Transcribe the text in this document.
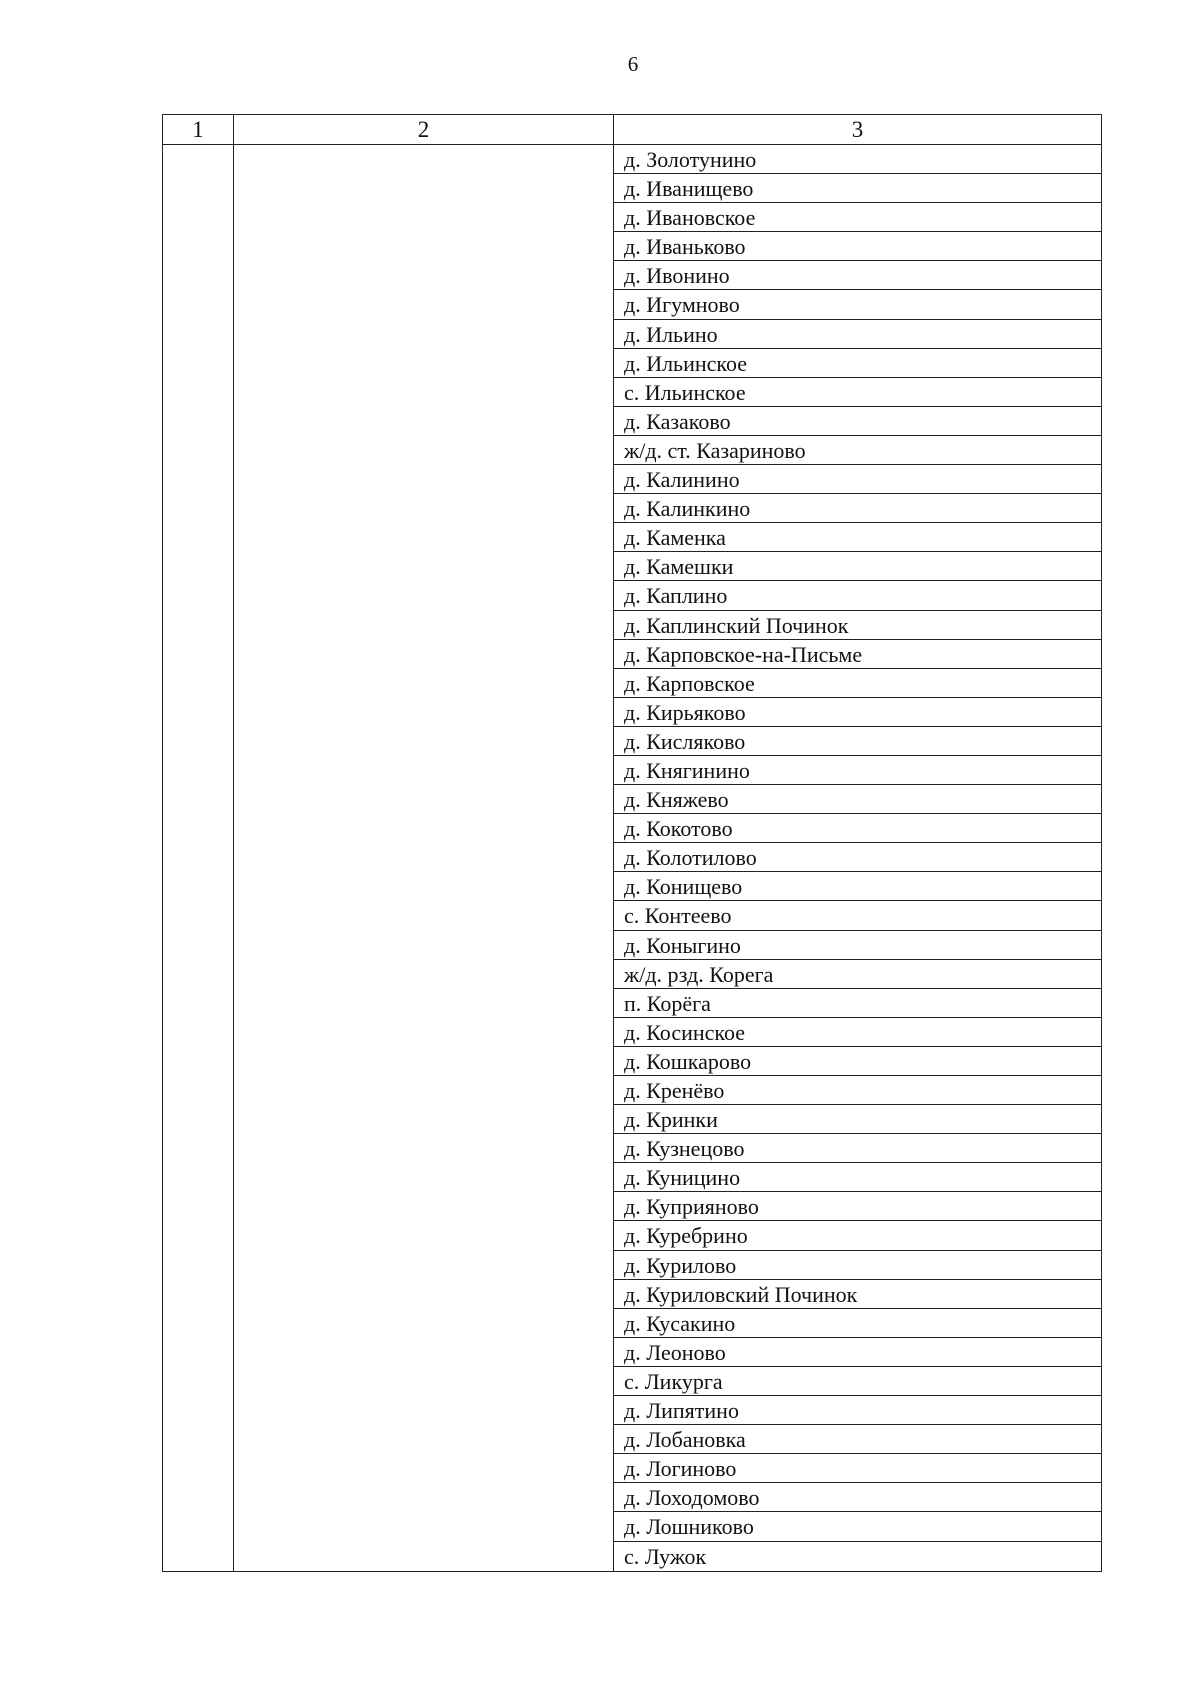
6
1	2	3
д. Золотунино
д. Иванищево
д. Ивановское
д. Иваньково
д. Ивонино
д. Игумново
д. Ильино
д. Ильинское
с. Ильинское
д. Казаково
ж/д. ст. Казариново
д. Калинино
д. Калинкино
д. Каменка
д. Камешки
д. Каплино
д. Каплинский Починок
д. Карповское-на-Письме
д. Карповское
д. Кирьяково
д. Кисляково
д. Княгинино
д. Княжево
д. Кокотово
д. Колотилово
д. Конищево
с. Контеево
д. Коныгино
ж/д. рзд. Корега
п. Корёга
д. Косинское
д. Кошкарово
д. Кренёво
д. Кринки
д. Кузнецово
д. Куницино
д. Куприяново
д. Куребрино
д. Курилово
д. Куриловский Починок
д. Кусакино
д. Леоново
с. Ликурга
д. Липятино
д. Лобановка
д. Логиново
д. Лоходомово
д. Лошниково
с. Лужок
